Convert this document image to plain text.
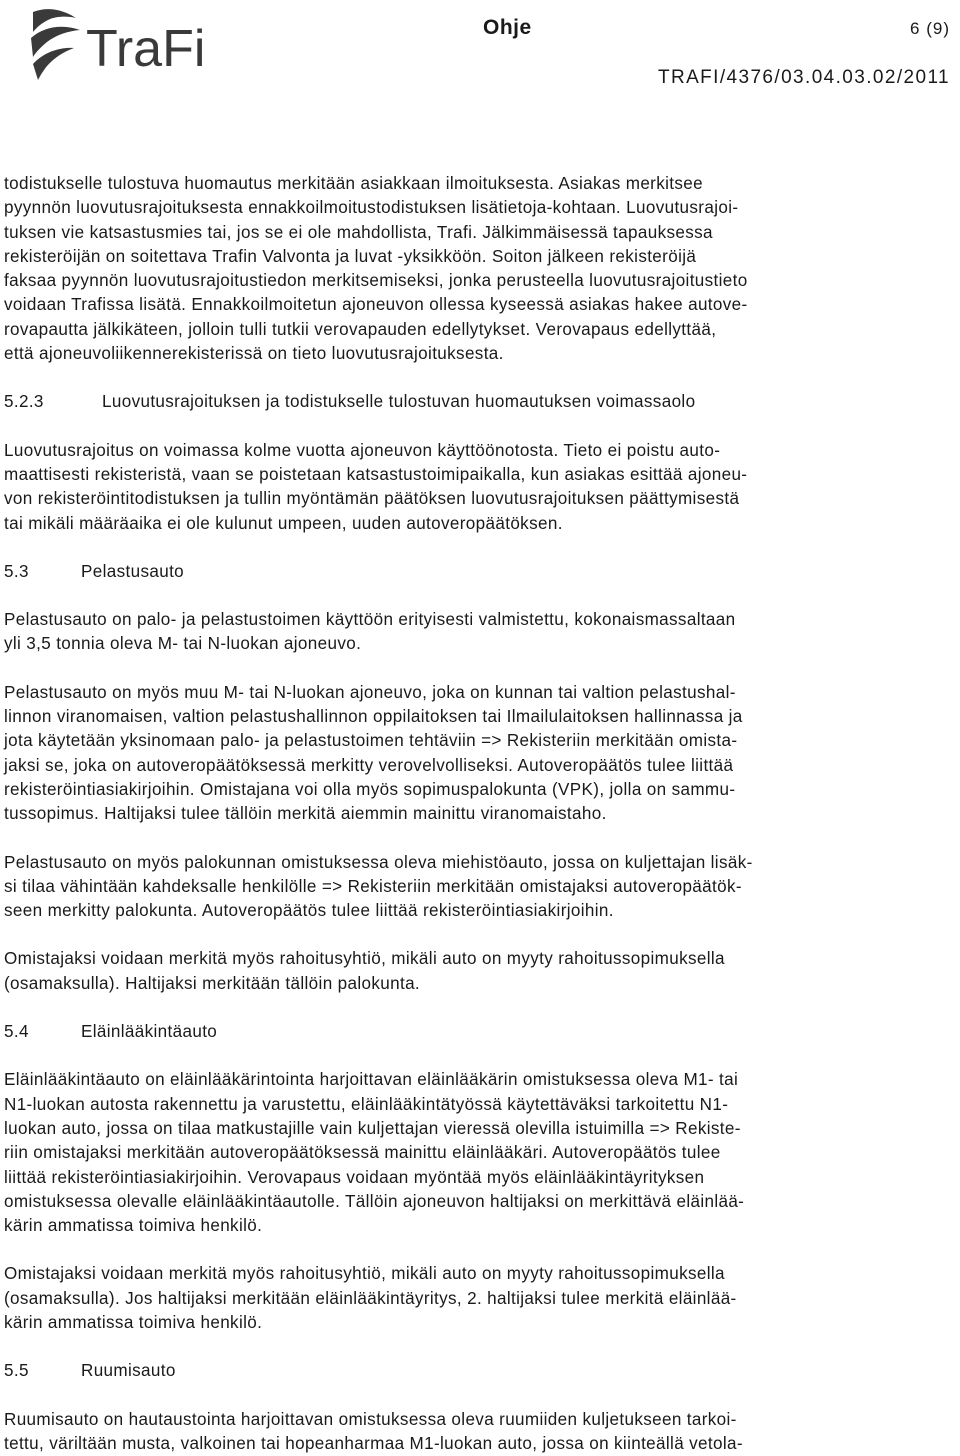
TraFi	Ohje	6 (9)
TRAFI/4376/03.04.03.02/2011

todistukselle tulostuva huomautus merkitään asiakkaan ilmoituksesta. Asiakas merkitsee

pyynnön luovutusrajoituksesta ennakkoilmoitustodistuksen lisätietoja-kohtaan. Luovutusrajoi-

tuksen vie katsastusmies tai, jos se ei ole mahdollista, Trafi. Jälkimmäisessä tapauksessa

rekisteröijän on soitettava Trafin Valvonta ja luvat -yksikköön. Soiton jälkeen rekisteröijä

faksaa pyynnön luovutusrajoitustiedon merkitsemiseksi, jonka perusteella luovutusrajoitustieto

voidaan Trafissa lisätä. Ennakkoilmoitetun ajoneuvon ollessa kyseessä asiakas hakee autove-

rovapautta jälkikäteen, jolloin tulli tutkii verovapauden edellytykset. Verovapaus edellyttää,

että ajoneuvoliikennerekisterissä on tieto luovutusrajoituksesta.

5.2.3	Luovutusrajoituksen ja todistukselle tulostuvan huomautuksen voimassaolo

Luovutusrajoitus on voimassa kolme vuotta ajoneuvon käyttöönotosta. Tieto ei poistu auto-

maattisesti rekisteristä, vaan se poistetaan katsastustoimipaikalla, kun asiakas esittää ajoneu-

von rekisteröintitodistuksen ja tullin myöntämän päätöksen luovutusrajoituksen päättymisestä

tai mikäli määräaika ei ole kulunut umpeen, uuden autoveropäätöksen.

5.3	Pelastusauto

Pelastusauto on palo- ja pelastustoimen käyttöön erityisesti valmistettu, kokonaismassaltaan

yli 3,5 tonnia oleva M- tai N-luokan ajoneuvo.

Pelastusauto on myös muu M- tai N-luokan ajoneuvo, joka on kunnan tai valtion pelastushal-

linnon viranomaisen, valtion pelastushallinnon oppilaitoksen tai Ilmailulaitoksen hallinnassa ja

jota käytetään yksinomaan palo- ja pelastustoimen tehtäviin => Rekisteriin merkitään omista-

jaksi se, joka on autoveropäätöksessä merkitty verovelvolliseksi. Autoveropäätös tulee liittää

rekisteröintiasiakirjoihin. Omistajana voi olla myös sopimuspalokunta (VPK), jolla on sammu-

tussopimus. Haltijaksi tulee tällöin merkitä aiemmin mainittu viranomaistaho.

Pelastusauto on myös palokunnan omistuksessa oleva miehistöauto, jossa on kuljettajan lisäk-

si tilaa vähintään kahdeksalle henkilölle => Rekisteriin merkitään omistajaksi autoveropäätök-

seen merkitty palokunta. Autoveropäätös tulee liittää rekisteröintiasiakirjoihin.

Omistajaksi voidaan merkitä myös rahoitusyhtiö, mikäli auto on myyty rahoitussopimuksella

(osamaksulla). Haltijaksi merkitään tällöin palokunta.

5.4	Eläinlääkintäauto

Eläinlääkintäauto on eläinlääkärintointa harjoittavan eläinlääkärin omistuksessa oleva M1- tai

N1-luokan autosta rakennettu ja varustettu, eläinlääkintätyössä käytettäväksi tarkoitettu N1-

luokan auto, jossa on tilaa matkustajille vain kuljettajan vieressä olevilla istuimilla => Rekiste-

riin omistajaksi merkitään autoveropäätöksessä mainittu eläinlääkäri. Autoveropäätös tulee

liittää rekisteröintiasiakirjoihin. Verovapaus voidaan myöntää myös eläinlääkintäyrityksen

omistuksessa olevalle eläinlääkintäautolle. Tällöin ajoneuvon haltijaksi on merkittävä eläinlää-

kärin ammatissa toimiva henkilö.

Omistajaksi voidaan merkitä myös rahoitusyhtiö, mikäli auto on myyty rahoitussopimuksella

(osamaksulla). Jos haltijaksi merkitään eläinlääkintäyritys, 2. haltijaksi tulee merkitä eläinlää-

kärin ammatissa toimiva henkilö.

5.5	Ruumisauto

Ruumisauto on hautaustointa harjoittavan omistuksessa oleva ruumiiden kuljetukseen tarkoi-

tettu, väriltään musta, valkoinen tai hopeanharmaa M1-luokan auto, jossa on kiinteällä vetola-
